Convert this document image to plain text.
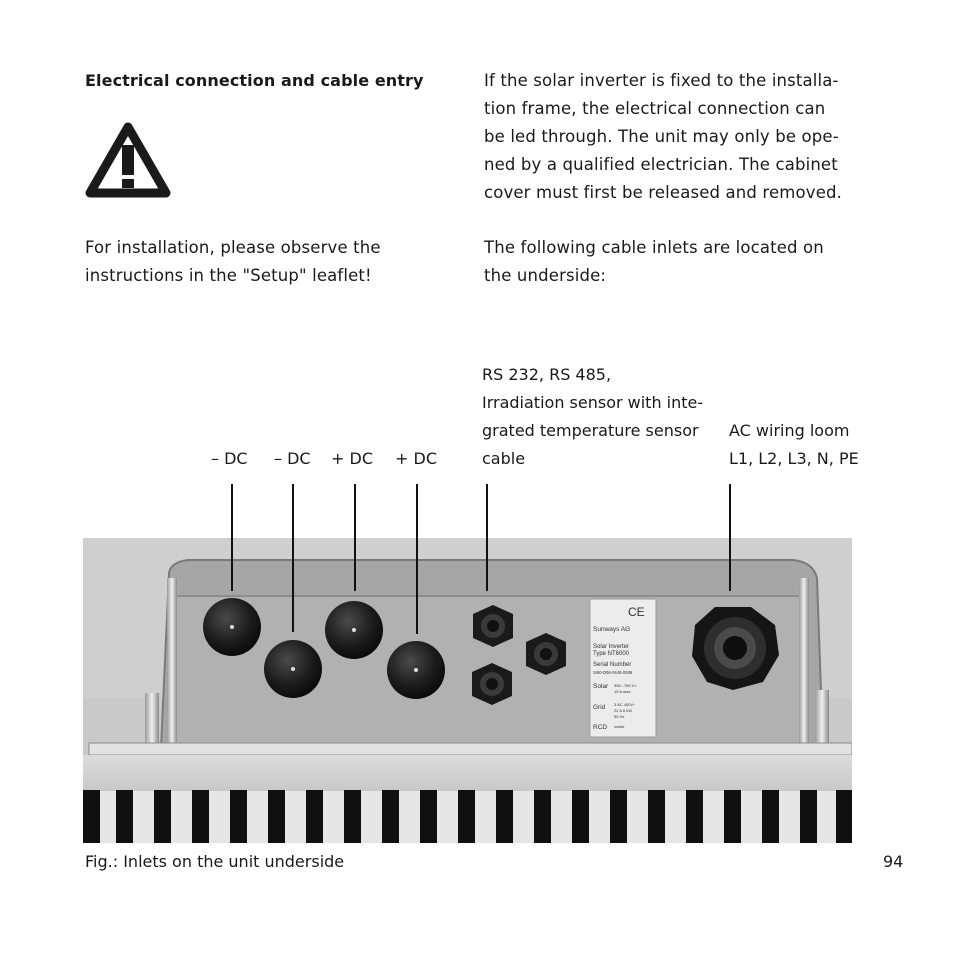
Electrical connection and cable entry
For installation, please observe the
instructions in the "Setup" leaflet!
If the solar inverter is fixed to the installa-
tion frame, the electrical connection can
be led through. The unit may only be ope-
ned by a qualified electrician. The cabinet
cover must first be released and removed.
The following cable inlets are located on
the underside:
– DC – DC + DC + DC
RS 232, RS 485,
Irradiation sensor with inte-
grated temperature sensor
cable
AC wiring loom
L1, L2, L3, N, PE
CE
Sunways AG
Solar Inverter
Type NT6000
Serial Number
SI60-D06-0445-0089
Solar 350...750 V=
15 A max
Grid 3 AC 400V~
22 A 6 kW
50 Hz
RCD inside
Fig.: Inlets on the unit underside	94
